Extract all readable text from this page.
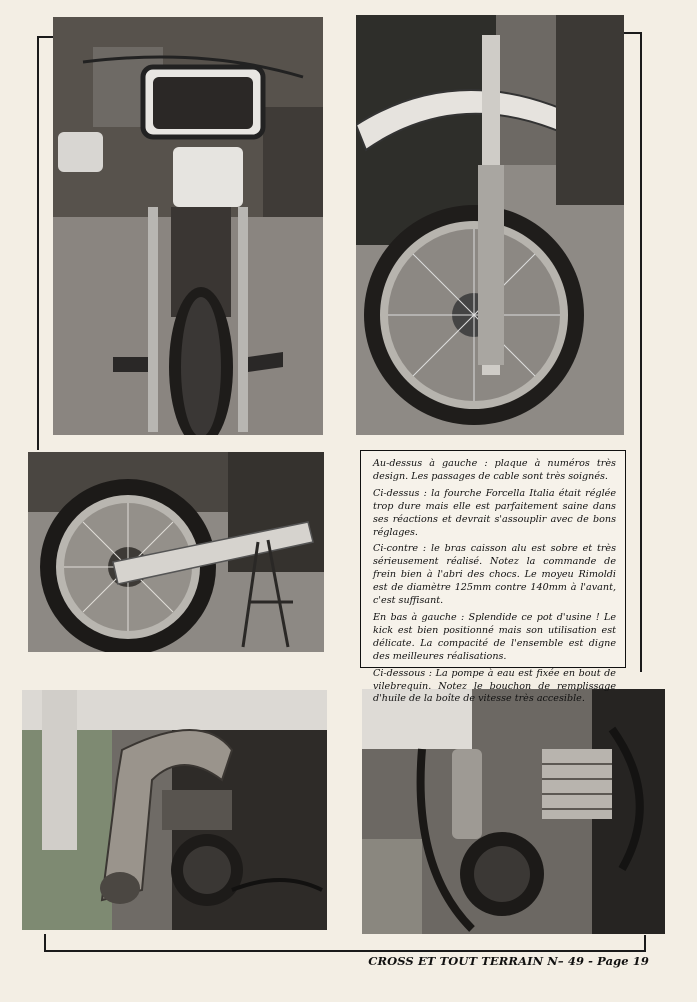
Au-dessus à gauche : plaque à numéros très design. Les passages de cable sont très soignés.

Ci-dessus : la fourche Forcella Italia était réglée trop dure mais elle est parfaitement saine dans ses réactions et devrait s'assouplir avec de bons réglages.

Ci-contre : le bras caisson alu est sobre et très sérieusement réalisé. Notez la commande de frein bien à l'abri des chocs. Le moyeu Rimoldi est de diamètre 125mm contre 140mm à l'avant, c'est suffisant.

En bas à gauche : Splendide ce pot d'usine ! Le kick est bien positionné mais son utilisation est délicate. La compacité de l'ensemble est digne des meilleures réalisations.

Ci-dessous : La pompe à eau est fixée en bout de vilebrequin. Notez le bouchon de remplissage d'huile de la boîte de vitesse très accesible.

CROSS ET TOUT TERRAIN N– 49 - Page 19
